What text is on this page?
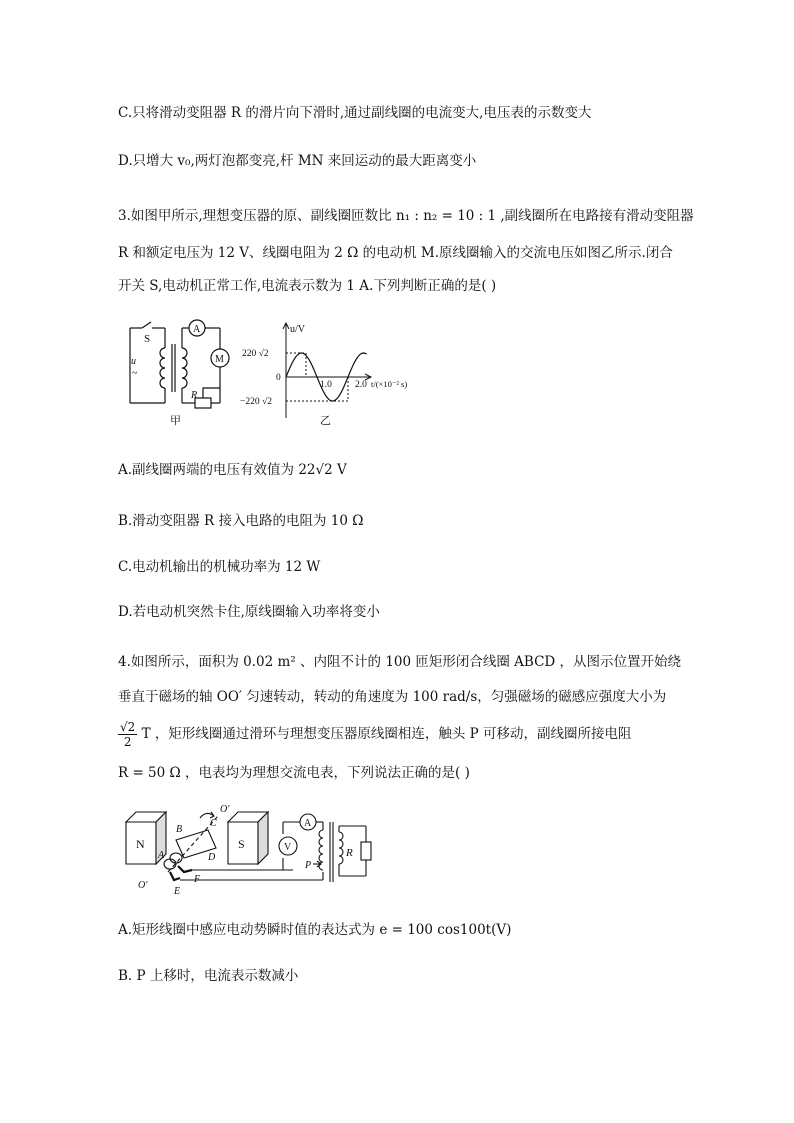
C.只将滑动变阻器 R 的滑片向下滑时,通过副线圈的电流变大,电压表的示数变大
D.只增大 v₀,两灯泡都变亮,杆 MN 来回运动的最大距离变小
3.如图甲所示,理想变压器的原、副线圈匝数比 n₁ : n₂ = 10 : 1 ,副线圈所在电路接有滑动变阻器
R 和额定电压为 12 V、线圈电阻为 2 Ω 的电动机 M.原线圈输入的交流电压如图乙所示.闭合
开关 S,电动机正常工作,电流表示数为 1 A.下列判断正确的是( )
S
u
~
A
M
R
甲
u/V
220 √2
0
−220 √2
1.0 2.0 t/(×10⁻² s)
乙
A.副线圈两端的电压有效值为 22√2 V
B.滑动变阻器 R 接入电路的电阻为 10 Ω
C.电动机输出的机械功率为 12 W
D.若电动机突然卡住,原线圈输入功率将变小
4.如图所示，面积为 0.02 m² 、内阻不计的 100 匝矩形闭合线圈 ABCD ，从图示位置开始绕
垂直于磁场的轴 OO′ 匀速转动，转动的角速度为 100 rad/s，匀强磁场的磁感应强度大小为
$\frac{√2}{2}$ T ，矩形线圈通过滑环与理想变压器原线圈相连，触头 P 可移动，副线圈所接电阻
R = 50 Ω ，电表均为理想交流电表，下列说法正确的是( )
N	S
A
V	R
P
B
C
D
A
E
F
O′
O′
A.矩形线圈中感应电动势瞬时值的表达式为 e = 100 cos100t(V)
B. P 上移时，电流表示数减小
